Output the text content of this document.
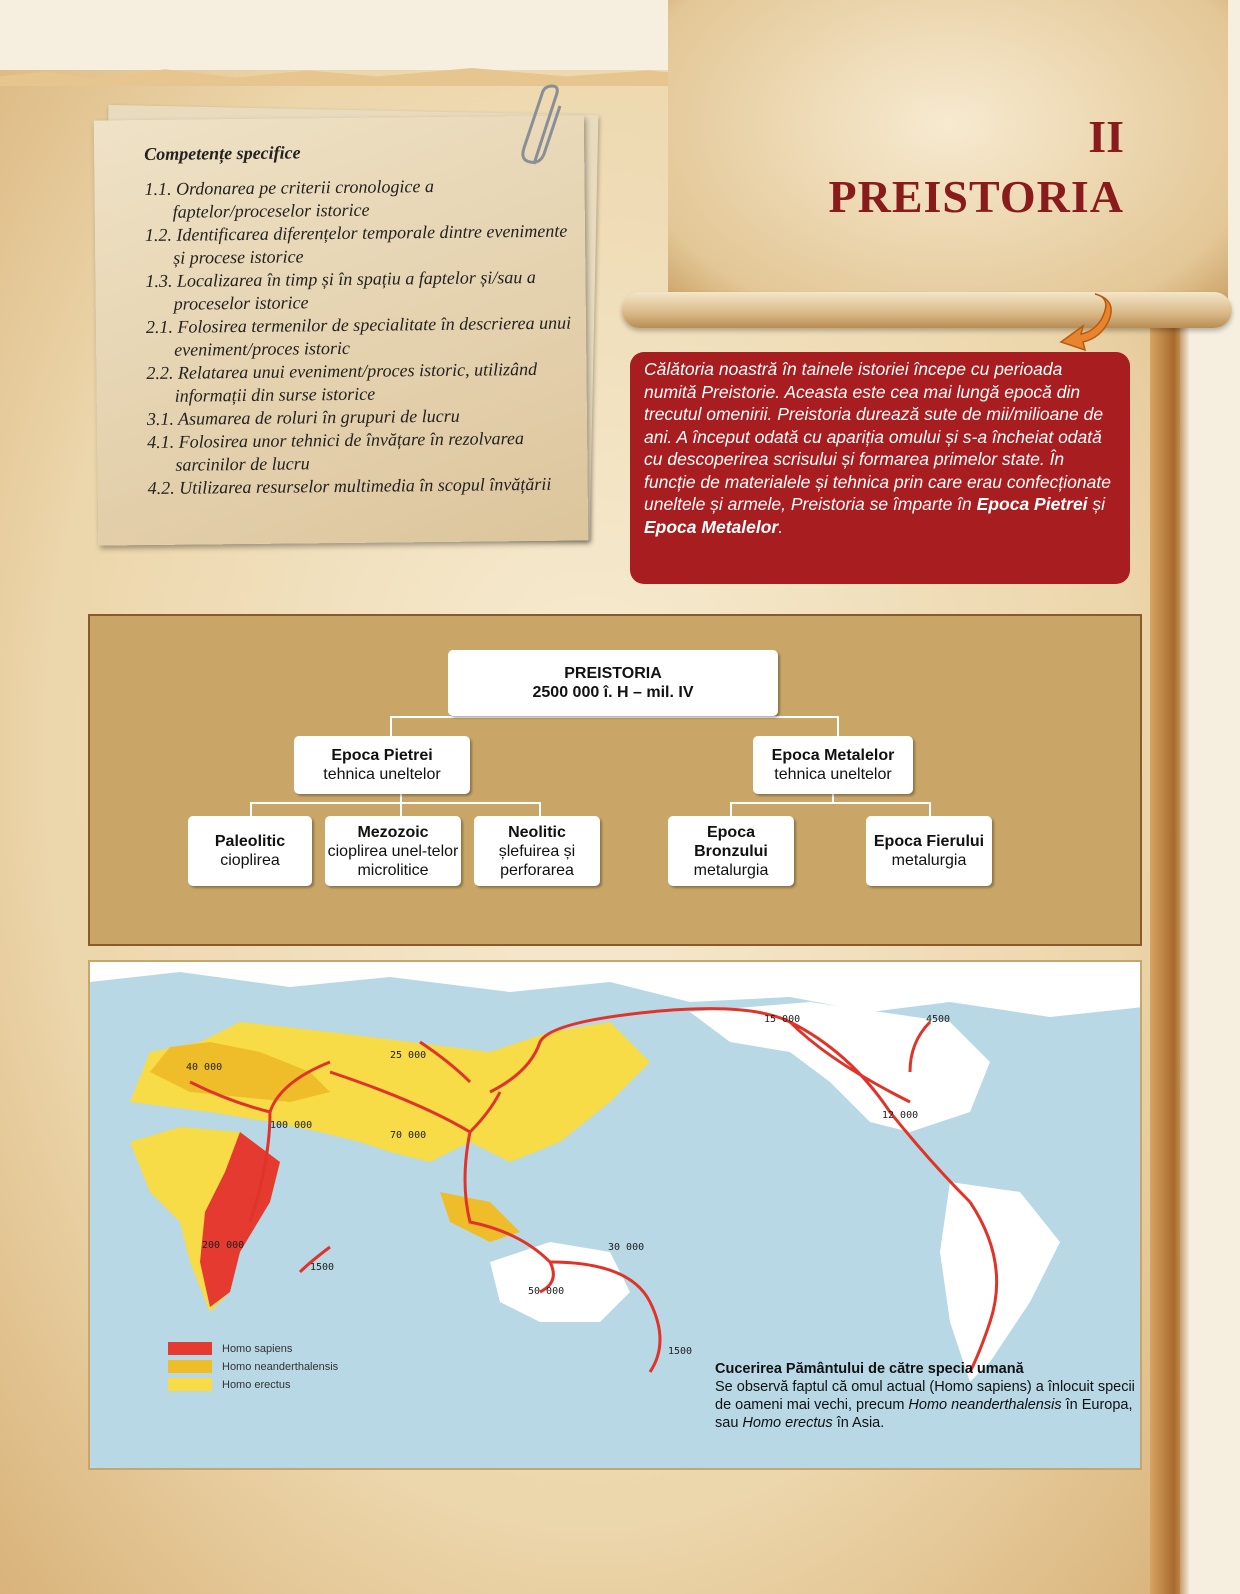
II
PREISTORIA
Competențe specifice
1.1. Ordonarea pe criterii cronologice a faptelor/proceselor istorice
1.2. Identificarea diferențelor temporale dintre evenimente și procese istorice
1.3. Localizarea în timp și în spațiu a faptelor și/sau a proceselor istorice
2.1. Folosirea termenilor de specialitate în descrierea unui eveniment/proces istoric
2.2. Relatarea unui eveniment/proces istoric, utilizând informații din surse istorice
3.1. Asumarea de roluri în grupuri de lucru
4.1. Folosirea unor tehnici de învățare în rezolvarea sarcinilor de lucru
4.2. Utilizarea resurselor multimedia în scopul învățării
Călătoria noastră în tainele istoriei începe cu perioada numită Preistorie. Aceasta este cea mai lungă epocă din trecutul omenirii. Preistoria durează sute de mii/milioane de ani. A început odată cu apariția omului și s-a încheiat odată cu descoperirea scrisului și formarea primelor state. În funcție de materialele și tehnica prin care erau confecționate uneltele și armele, Preistoria se împarte în Epoca Pietrei și Epoca Metalelor.
PREISTORIA
2500 000 î. H – mil. IV
Epoca Pietrei
tehnica uneltelor
Epoca Metalelor
tehnica uneltelor
Paleolitic
cioplirea
Mezozoic
cioplirea unel-telor microlitice
Neolitic
șlefuirea și perforarea
Epoca Bronzului
metalurgia
Epoca Fierului
metalurgia
40 000
100 000
70 000
25 000
15 000	4500
12 000
200 000
1500
30 000
50 000
1500
Homo sapiens
Homo neanderthalensis
Homo erectus
Cucerirea Pământului de către specia umană
Se observă faptul că omul actual (Homo sapiens) a înlocuit specii de oameni mai vechi, precum Homo neanderthalensis în Europa, sau Homo erectus în Asia.
